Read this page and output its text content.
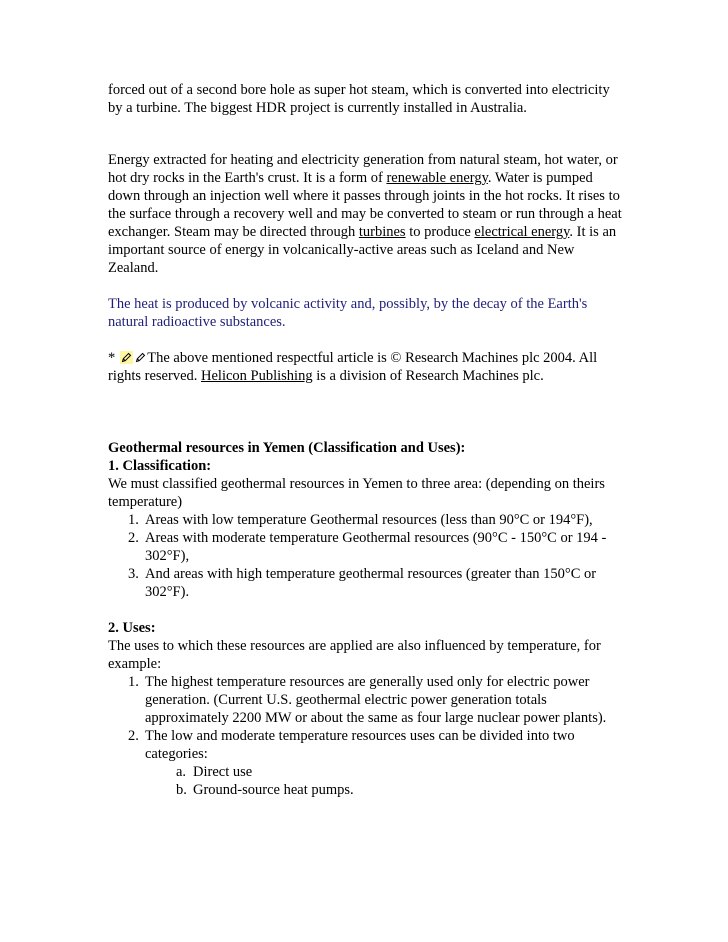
forced out of a second bore hole as super hot steam, which is converted into electricity by a turbine. The biggest HDR project is currently installed in Australia.

Energy extracted for heating and electricity generation from natural steam, hot water, or hot dry rocks in the Earth's crust. It is a form of renewable energy. Water is pumped down through an injection well where it passes through joints in the hot rocks. It rises to the surface through a recovery well and may be converted to steam or run through a heat exchanger. Steam may be directed through turbines to produce electrical energy. It is an important source of energy in volcanically-active areas such as Iceland and New Zealand.

The heat is produced by volcanic activity and, possibly, by the decay of the Earth's natural radioactive substances.

* The above mentioned respectful article is © Research Machines plc 2004. All rights reserved. Helicon Publishing is a division of Research Machines plc.

Geothermal resources in Yemen (Classification and Uses):

1. Classification:

We must classified geothermal resources in Yemen to three area: (depending on theirs temperature)

1. Areas with low temperature Geothermal resources (less than 90°C or 194°F),
2. Areas with moderate temperature Geothermal resources (90°C - 150°C or 194 - 302°F),
3. And areas with high temperature geothermal resources (greater than 150°C or 302°F).

2. Uses:

The uses to which these resources are applied are also influenced by temperature, for example:

1. The highest temperature resources are generally used only for electric power generation. (Current U.S. geothermal electric power generation totals approximately 2200 MW or about the same as four large nuclear power plants).
2. The low and moderate temperature resources uses can be divided into two categories:
a. Direct use
b. Ground-source heat pumps.
